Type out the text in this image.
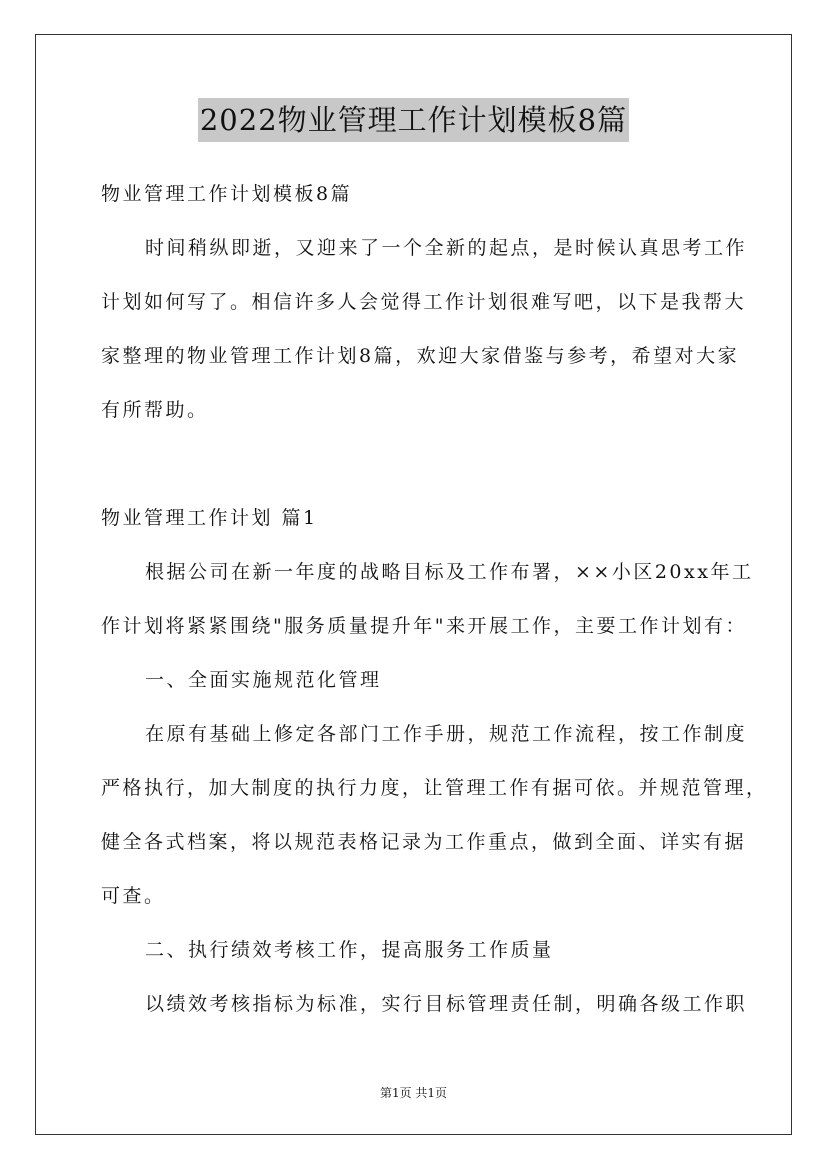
2022物业管理工作计划模板8篇
物业管理工作计划模板8篇
时间稍纵即逝，又迎来了一个全新的起点，是时候认真思考工作
计划如何写了。相信许多人会觉得工作计划很难写吧，以下是我帮大
家整理的物业管理工作计划8篇，欢迎大家借鉴与参考，希望对大家
有所帮助。
物业管理工作计划 篇1
根据公司在新一年度的战略目标及工作布署，××小区20xx年工
作计划将紧紧围绕"服务质量提升年"来开展工作，主要工作计划有：
一、全面实施规范化管理
在原有基础上修定各部门工作手册，规范工作流程，按工作制度
严格执行，加大制度的执行力度，让管理工作有据可依。并规范管理，
健全各式档案，将以规范表格记录为工作重点，做到全面、详实有据
可查。
二、执行绩效考核工作，提高服务工作质量
以绩效考核指标为标准，实行目标管理责任制，明确各级工作职
第1页 共1页
